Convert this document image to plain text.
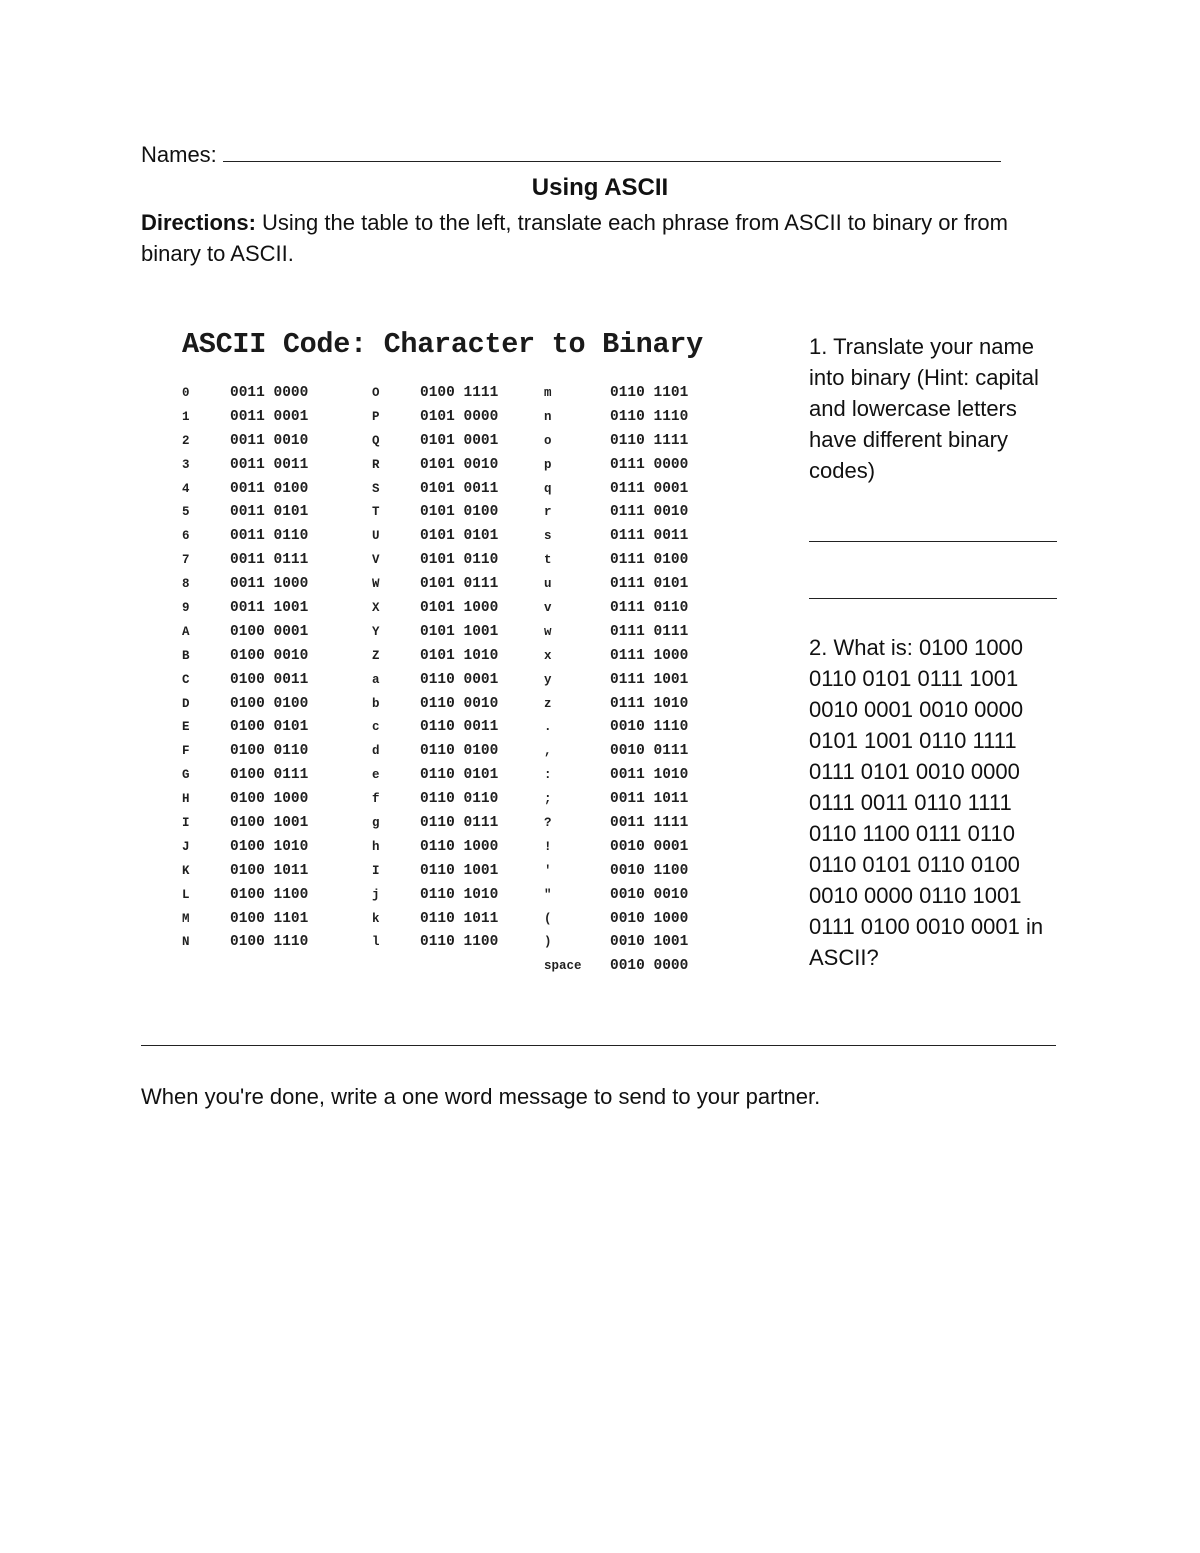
Names:
Using ASCII
Directions: Using the table to the left, translate each phrase from ASCII to binary or from binary to ASCII.
ASCII Code: Character to Binary
0	0011 0000
1	0011 0001
2	0011 0010
3	0011 0011
4	0011 0100
5	0011 0101
6	0011 0110
7	0011 0111
8	0011 1000
9	0011 1001
A	0100 0001
B	0100 0010
C	0100 0011
D	0100 0100
E	0100 0101
F	0100 0110
G	0100 0111
H	0100 1000
I	0100 1001
J	0100 1010
K	0100 1011
L	0100 1100
M	0100 1101
N	0100 1110
O	0100 1111
P	0101 0000
Q	0101 0001
R	0101 0010
S	0101 0011
T	0101 0100
U	0101 0101
V	0101 0110
W	0101 0111
X	0101 1000
Y	0101 1001
Z	0101 1010
a	0110 0001
b	0110 0010
c	0110 0011
d	0110 0100
e	0110 0101
f	0110 0110
g	0110 0111
h	0110 1000
I	0110 1001
j	0110 1010
k	0110 1011
l	0110 1100
m	0110 1101
n	0110 1110
o	0110 1111
p	0111 0000
q	0111 0001
r	0111 0010
s	0111 0011
t	0111 0100
u	0111 0101
v	0111 0110
w	0111 0111
x	0111 1000
y	0111 1001
z	0111 1010
.	0010 1110
,	0010 0111
:	0011 1010
;	0011 1011
?	0011 1111
!	0010 0001
'	0010 1100
"	0010 0010
(	0010 1000
)	0010 1001
space	0010 0000
1. Translate your name into binary (Hint: capital and lowercase letters have different binary codes)
2. What is: 0100 1000 0110 0101 0111 1001 0010 0001 0010 0000 0101 1001 0110 1111 0111 0101 0010 0000 0111 0011 0110 1111 0110 1100 0111 0110 0110 0101 0110 0100 0010 0000 0110 1001 0111 0100 0010 0001 in ASCII?
When you're done, write a one word message to send to your partner.
